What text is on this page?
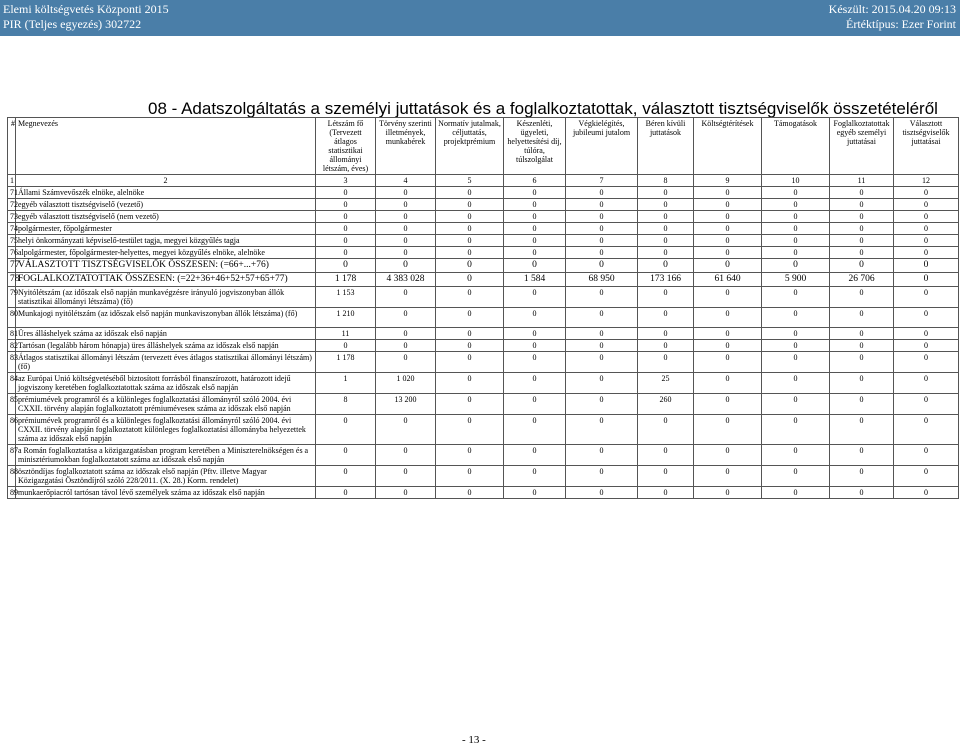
Elemi költségvetés Központi 2015
PIR (Teljes egyezés) 302722
Készült: 2015.04.20 09:13
Értéktípus: Ezer Forint
08 - Adatszolgáltatás a személyi juttatások és a foglalkoztatottak, választott tisztségviselők összetételéről
#	Megnevezés	Létszám fő (Tervezett átlagos statisztikai állományi létszám, éves)	Törvény szerinti illetmények, munkabérek	Normatív jutalmak, céljuttatás, projektprémium	Készenléti, ügyeleti, helyettesítési díj, túlóra, túlszolgálat	Végkielégítés, jubileumi jutalom	Béren kívüli juttatások	Költségtérítések	Támogatások	Foglalkoztatottak egyéb személyi juttatásai	Választott tisztségviselők juttatásai
1	2	3	4	5	6	7	8	9	10	11	12
71	Állami Számvevőszék elnöke, alelnöke	0	0	0	0	0	0	0	0	0	0
72	egyéb választott tisztségviselő (vezető)	0	0	0	0	0	0	0	0	0	0
73	egyéb választott tisztségviselő (nem vezető)	0	0	0	0	0	0	0	0	0	0
74	polgármester, főpolgármester	0	0	0	0	0	0	0	0	0	0
75	helyi önkormányzati képviselő-testület tagja, megyei közgyűlés tagja	0	0	0	0	0	0	0	0	0	0
76	alpolgármester, főpolgármester-helyettes, megyei közgyűlés elnöke, alelnöke	0	0	0	0	0	0	0	0	0	0
77	VÁLASZTOTT TISZTSÉGVISELŐK ÖSSZESEN: (=66+...+76)	0	0	0	0	0	0	0	0	0	0
78	FOGLALKOZTATOTTAK ÖSSZESEN: (=22+36+46+52+57+65+77)	1 178	4 383 028	0	1 584	68 950	173 166	61 640	5 900	26 706	0
79	Nyitólétszám (az időszak első napján munkavégzésre irányuló jogviszonyban állók statisztikai állományi létszáma) (fő)	1 153	0	0	0	0	0	0	0	0	0
80	Munkajogi nyitólétszám (az időszak első napján munkaviszonyban állók létszáma) (fő)	1 210	0	0	0	0	0	0	0	0	0
81	Üres álláshelyek száma az időszak első napján	11	0	0	0	0	0	0	0	0	0
82	Tartósan (legalább három hónapja) üres álláshelyek száma az időszak első napján	0	0	0	0	0	0	0	0	0	0
83	Átlagos statisztikai állományi létszám (tervezett éves átlagos statisztikai állományi létszám) (fő)	1 178	0	0	0	0	0	0	0	0	0
84	az Európai Unió költségvetéséből biztosított forrásból finanszírozott, határozott idejű jogviszony keretében foglalkoztatottak száma az időszak első napján	1	1 020	0	0	0	25	0	0	0	0
85	prémiumévek programról és a különleges foglalkoztatási állományról szóló 2004. évi CXXII. törvény alapján foglalkoztatott prémiuméveseк száma az időszak első napján	8	13 200	0	0	0	260	0	0	0	0
86	prémiumévek programról és a különleges foglalkoztatási állományról szóló 2004. évi CXXII. törvény alapján foglalkoztatott különleges foglalkoztatási állományba helyezettek száma az időszak első napján	0	0	0	0	0	0	0	0	0	0
87	a Román foglalkoztatása a közigazgatásban program keretében a Miniszterelnökségen és a minisztériumokban foglalkoztatott száma az időszak első napján	0	0	0	0	0	0	0	0	0	0
88	ösztöndíjas foglalkoztatott száma az időszak első napján (Pftv. illetve Magyar Közigazgatási Ösztöndíjról szóló 228/2011. (X. 28.) Korm. rendelet)	0	0	0	0	0	0	0	0	0	0
89	munkaerőpiacról tartósan távol lévő személyek száma az időszak első napján	0	0	0	0	0	0	0	0	0	0
- 13 -
